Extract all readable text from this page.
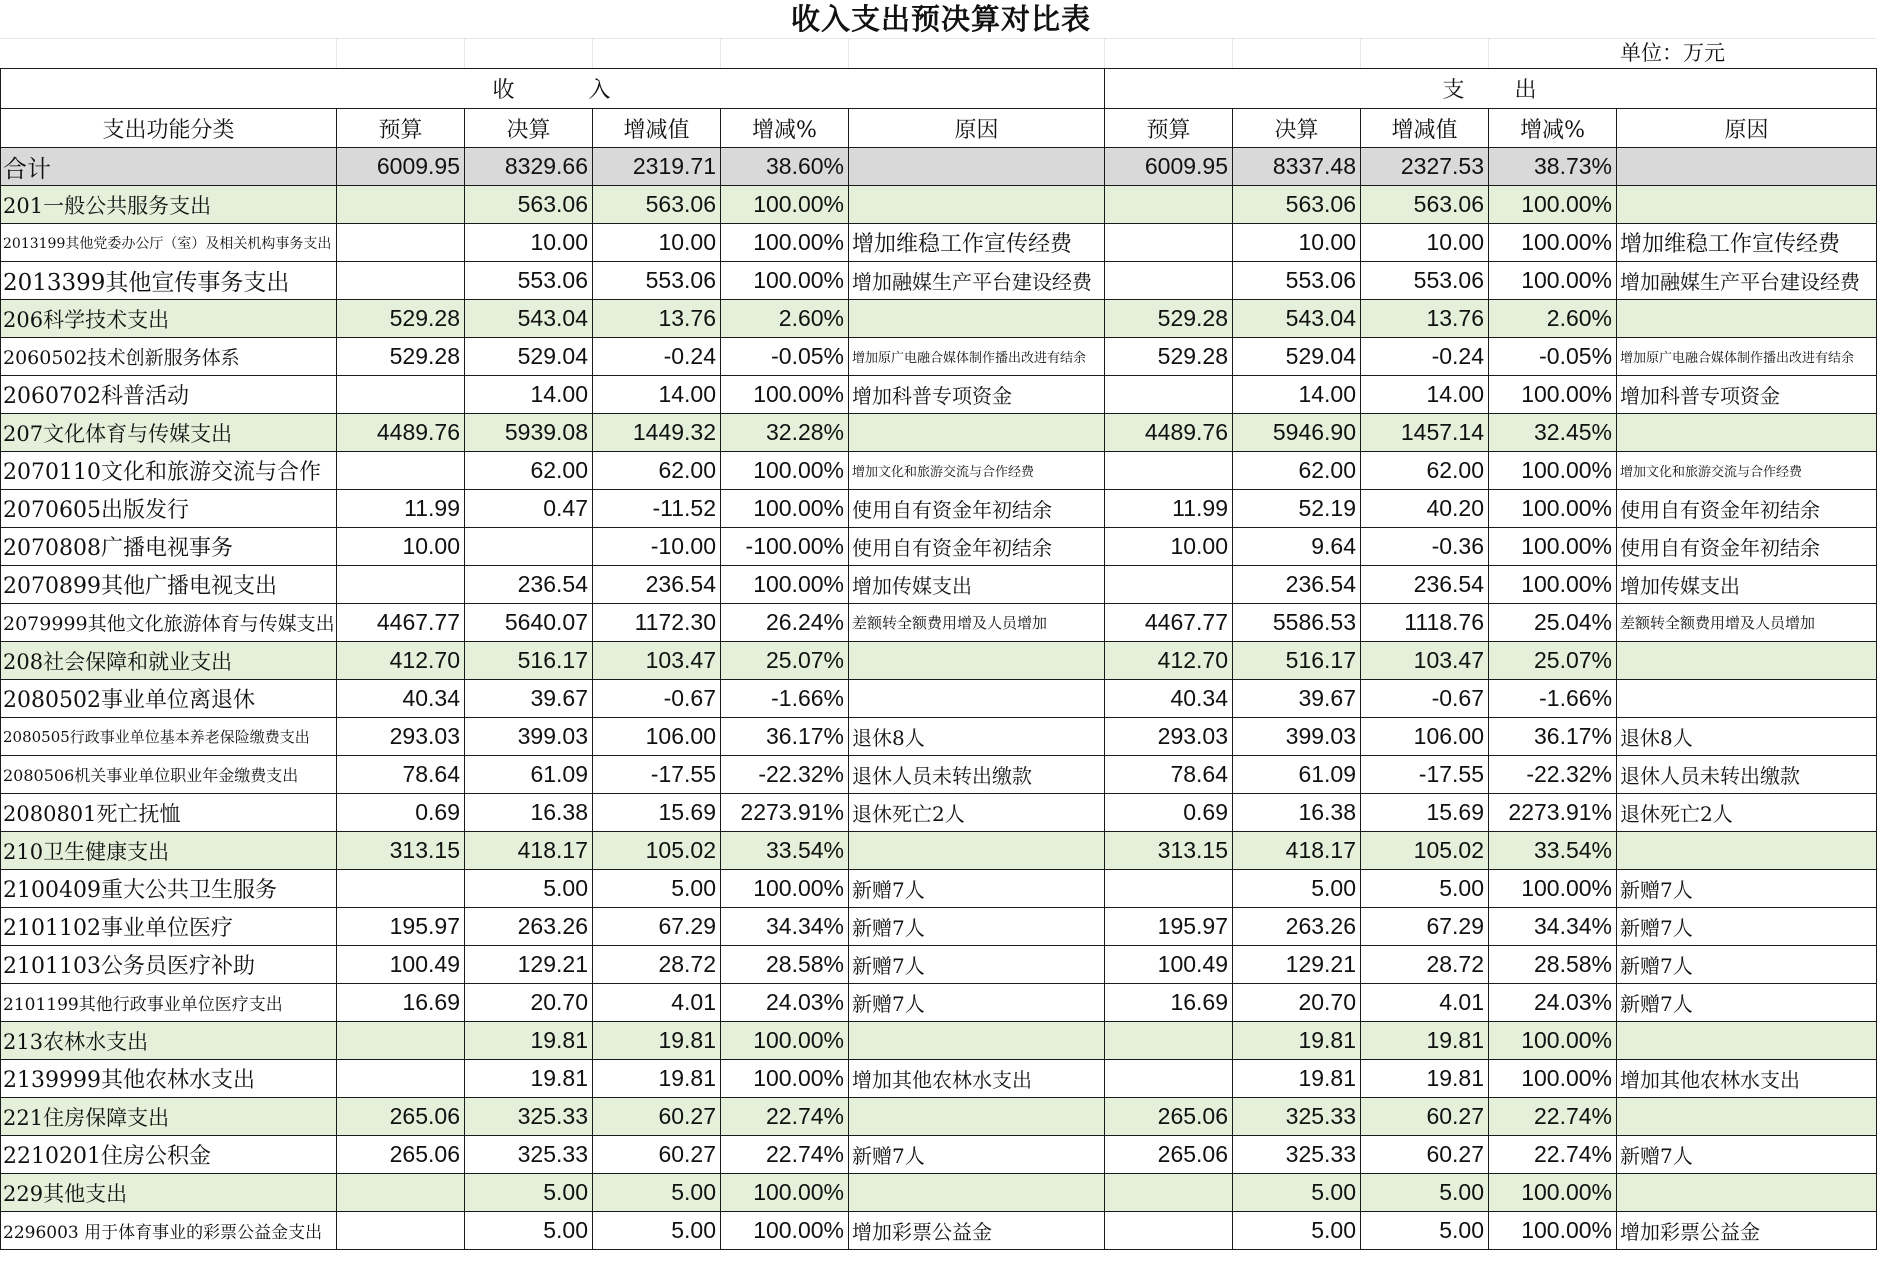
收入支出预决算对比表
单位：万元
收　　　入						支　　出				
支出功能分类	预算	决算	增减值	增减%	原因	预算	决算	增减值	增减%	原因
合计	6009.95	8329.66	2319.71	38.60%		6009.95	8337.48	2327.53	38.73%	
201一般公共服务支出		563.06	563.06	100.00%			563.06	563.06	100.00%	
2013199其他党委办公厅（室）及相关机构事务支出		10.00	10.00	100.00%	增加维稳工作宣传经费		10.00	10.00	100.00%	增加维稳工作宣传经费
2013399其他宣传事务支出		553.06	553.06	100.00%	增加融媒生产平台建设经费		553.06	553.06	100.00%	增加融媒生产平台建设经费
206科学技术支出	529.28	543.04	13.76	2.60%		529.28	543.04	13.76	2.60%	
2060502技术创新服务体系	529.28	529.04	-0.24	-0.05%	增加原广电融合媒体制作播出改进有结余	529.28	529.04	-0.24	-0.05%	增加原广电融合媒体制作播出改进有结余
2060702科普活动		14.00	14.00	100.00%	增加科普专项资金		14.00	14.00	100.00%	增加科普专项资金
207文化体育与传媒支出	4489.76	5939.08	1449.32	32.28%		4489.76	5946.90	1457.14	32.45%	
2070110文化和旅游交流与合作		62.00	62.00	100.00%	增加文化和旅游交流与合作经费		62.00	62.00	100.00%	增加文化和旅游交流与合作经费
2070605出版发行	11.99	0.47	-11.52	100.00%	使用自有资金年初结余	11.99	52.19	40.20	100.00%	使用自有资金年初结余
2070808广播电视事务	10.00		-10.00	-100.00%	使用自有资金年初结余	10.00	9.64	-0.36	100.00%	使用自有资金年初结余
2070899其他广播电视支出		236.54	236.54	100.00%	增加传媒支出		236.54	236.54	100.00%	增加传媒支出
2079999其他文化旅游体育与传媒支出	4467.77	5640.07	1172.30	26.24%	差额转全额费用增及人员增加	4467.77	5586.53	1118.76	25.04%	差额转全额费用增及人员增加
208社会保障和就业支出	412.70	516.17	103.47	25.07%		412.70	516.17	103.47	25.07%	
2080502事业单位离退休	40.34	39.67	-0.67	-1.66%		40.34	39.67	-0.67	-1.66%	
2080505行政事业单位基本养老保险缴费支出	293.03	399.03	106.00	36.17%	退休8人	293.03	399.03	106.00	36.17%	退休8人
2080506机关事业单位职业年金缴费支出	78.64	61.09	-17.55	-22.32%	退休人员未转出缴款	78.64	61.09	-17.55	-22.32%	退休人员未转出缴款
2080801死亡抚恤	0.69	16.38	15.69	2273.91%	退休死亡2人	0.69	16.38	15.69	2273.91%	退休死亡2人
210卫生健康支出	313.15	418.17	105.02	33.54%		313.15	418.17	105.02	33.54%	
2100409重大公共卫生服务		5.00	5.00	100.00%	新赠7人		5.00	5.00	100.00%	新赠7人
2101102事业单位医疗	195.97	263.26	67.29	34.34%	新赠7人	195.97	263.26	67.29	34.34%	新赠7人
2101103公务员医疗补助	100.49	129.21	28.72	28.58%	新赠7人	100.49	129.21	28.72	28.58%	新赠7人
2101199其他行政事业单位医疗支出	16.69	20.70	4.01	24.03%	新赠7人	16.69	20.70	4.01	24.03%	新赠7人
213农林水支出		19.81	19.81	100.00%			19.81	19.81	100.00%	
2139999其他农林水支出		19.81	19.81	100.00%	增加其他农林水支出		19.81	19.81	100.00%	增加其他农林水支出
221住房保障支出	265.06	325.33	60.27	22.74%		265.06	325.33	60.27	22.74%	
2210201住房公积金	265.06	325.33	60.27	22.74%	新赠7人	265.06	325.33	60.27	22.74%	新赠7人
229其他支出		5.00	5.00	100.00%			5.00	5.00	100.00%	
2296003 用于体育事业的彩票公益金支出		5.00	5.00	100.00%	增加彩票公益金		5.00	5.00	100.00%	增加彩票公益金
